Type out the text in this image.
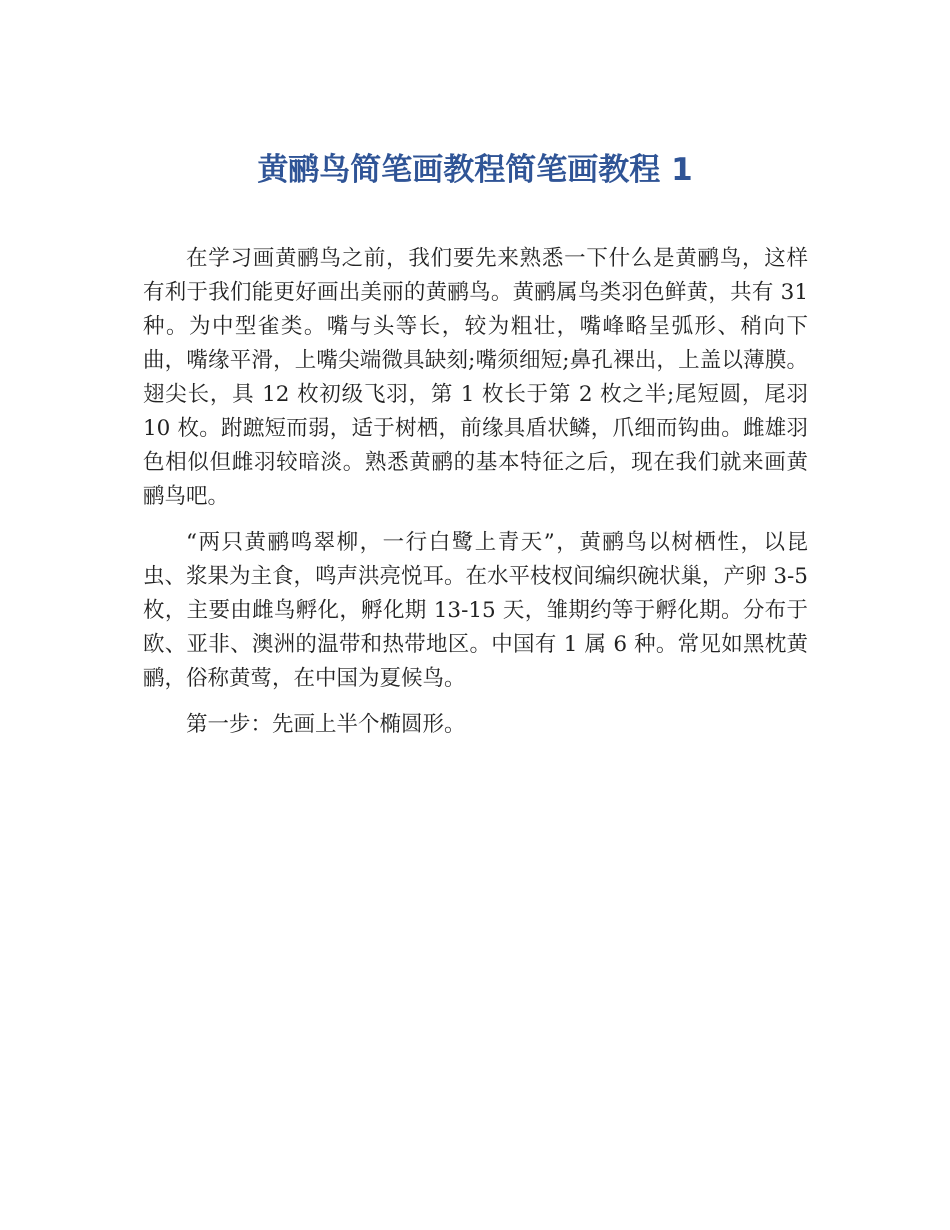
黄鹂鸟简笔画教程简笔画教程 1

在学习画黄鹂鸟之前，我们要先来熟悉一下什么是黄鹂鸟，这样有利于我们能更好画出美丽的黄鹂鸟。黄鹂属鸟类羽色鲜黄，共有 31 种。为中型雀类。嘴与头等长，较为粗壮，嘴峰略呈弧形、稍向下曲，嘴缘平滑，上嘴尖端微具缺刻;嘴须细短;鼻孔裸出，上盖以薄膜。翅尖长，具 12 枚初级飞羽，第 1 枚长于第 2 枚之半;尾短圆，尾羽 10 枚。跗蹠短而弱，适于树栖，前缘具盾状鳞，爪细而钩曲。雌雄羽色相似但雌羽较暗淡。熟悉黄鹂的基本特征之后，现在我们就来画黄鹂鸟吧。

“两只黄鹂鸣翠柳，一行白鹭上青天”，黄鹂鸟以树栖性，以昆虫、浆果为主食，鸣声洪亮悦耳。在水平枝杈间编织碗状巢，产卵 3-5 枚，主要由雌鸟孵化，孵化期 13-15 天，雏期约等于孵化期。分布于欧、亚非、澳洲的温带和热带地区。中国有 1 属 6 种。常见如黑枕黄鹂，俗称黄莺，在中国为夏候鸟。

第一步：先画上半个椭圆形。
